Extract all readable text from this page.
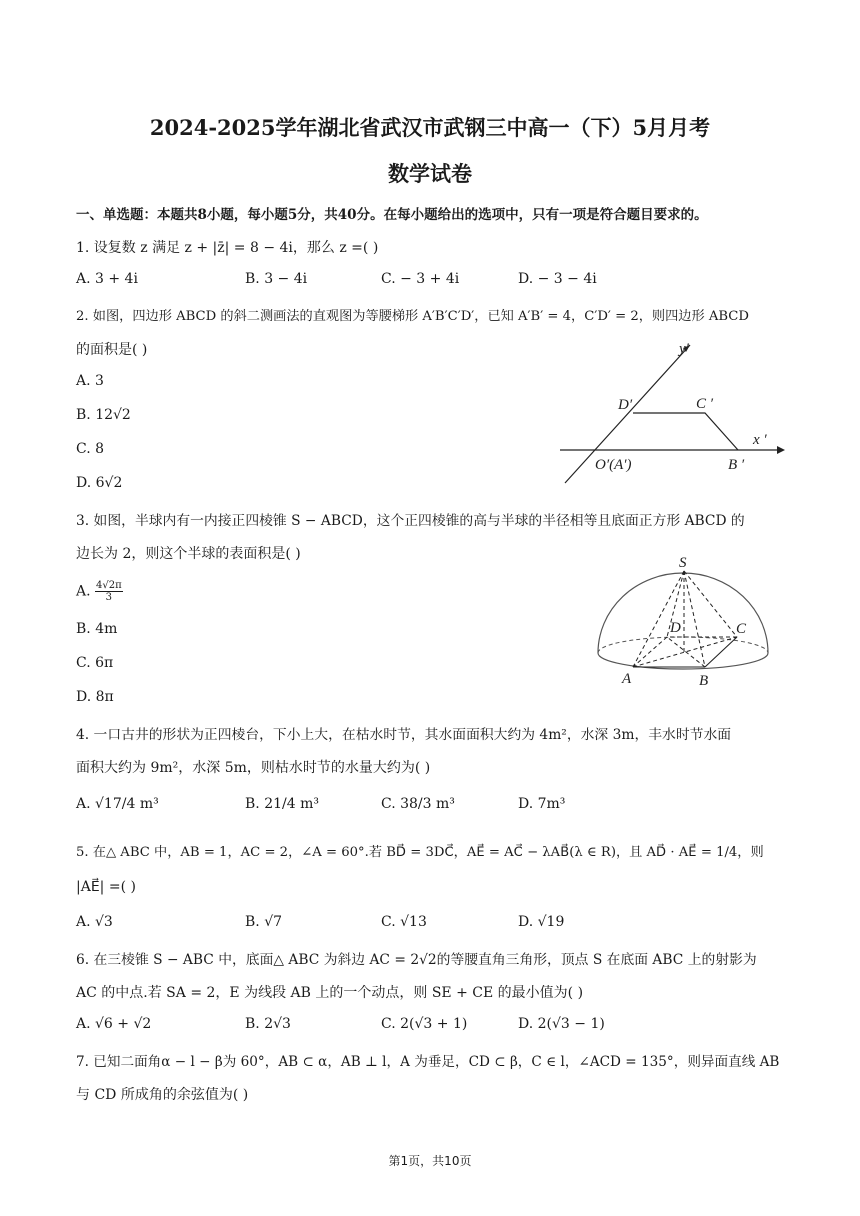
2024-2025学年湖北省武汉市武钢三中高一（下）5月月考
数学试卷
一、单选题：本题共8小题，每小题5分，共40分。在每小题给出的选项中，只有一项是符合题目要求的。
1. 设复数 z 满足 z + |z̄| = 8 − 4i，那么 z =( )
A. 3 + 4i	B. 3 − 4i	C. − 3 + 4i	D. − 3 − 4i
2. 如图，四边形 ABCD 的斜二测画法的直观图为等腰梯形 A′B′C′D′，已知 A′B′ = 4，C′D′ = 2，则四边形 ABCD
的面积是( )
A. 3
B. 12√2
C. 8
D. 6√2
y′
x ′
D′	C ′
O′(A′)	B ′
3. 如图，半球内有一内接正四棱锥 S − ABCD，这个正四棱锥的高与半球的半径相等且底面正方形 ABCD 的
边长为 2，则这个半球的表面积是( )
A. $\frac{4√2\pi}{3}$
B. 4m
C. 6π
D. 8π
S
D	C
A	B
4. 一口古井的形状为正四棱台，下小上大，在枯水时节，其水面面积大约为 4m²，水深 3m，丰水时节水面
面积大约为 9m²，水深 5m，则枯水时节的水量大约为( )
A. √17/4 m³	B. 21/4 m³	C. 38/3 m³	D. 7m³
5. 在△ ABC 中，AB = 1，AC = 2，∠A = 60°.若 BD⃗ = 3DC⃗，AE⃗ = AC⃗ − λAB⃗(λ ∈ R)，且 AD⃗ · AE⃗ = 1/4，则
|AE⃗| =( )
A. √3	B. √7	C. √13	D. √19
6. 在三棱锥 S − ABC 中，底面△ ABC 为斜边 AC = 2√2的等腰直角三角形，顶点 S 在底面 ABC 上的射影为
AC 的中点.若 SA = 2，E 为线段 AB 上的一个动点，则 SE + CE 的最小值为( )
A. √6 + √2	B. 2√3	C. 2(√3 + 1)	D. 2(√3 − 1)
7. 已知二面角α − l − β为 60°，AB ⊂ α，AB ⊥ l，A 为垂足，CD ⊂ β，C ∈ l，∠ACD = 135°，则异面直线 AB
与 CD 所成角的余弦值为( )
第1页，共10页
